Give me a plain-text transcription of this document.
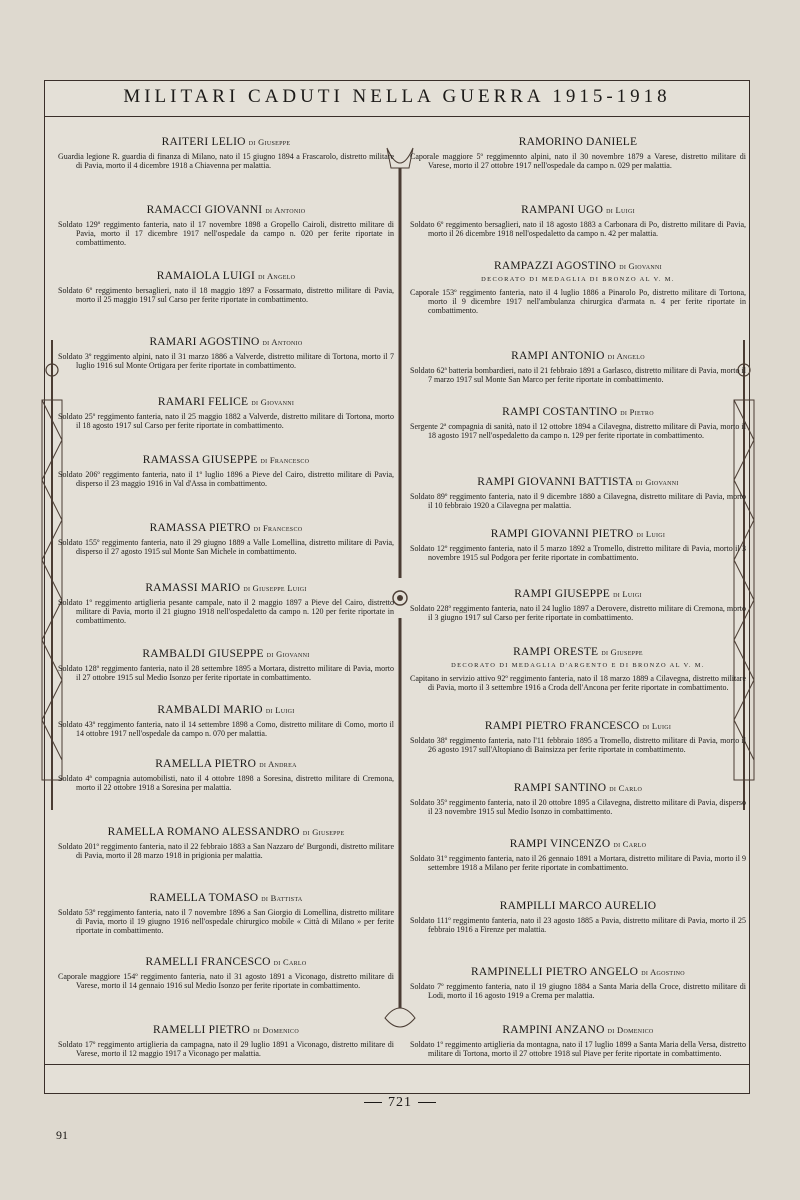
MILITARI CADUTI NELLA GUERRA 1915-1918
RAITERI LELIO di Giuseppe

Guardia legione R. guardia di finanza di Milano, nato il 15 giugno 1894 a Frascarolo, distretto militare di Pavia, morto il 4 dicembre 1918 a Chiavenna per malattia.

RAMACCI GIOVANNI di Antonio

Soldato 129º reggimento fanteria, nato il 17 novembre 1898 a Gropello Cairoli, distretto militare di Pavia, morto il 17 dicembre 1917 nell'ospedale da campo n. 020 per ferite riportate in combattimento.

RAMAIOLA LUIGI di Angelo

Soldato 6º reggimento bersaglieri, nato il 18 maggio 1897 a Fossarmato, distretto militare di Pavia, morto il 25 maggio 1917 sul Carso per ferite riportate in combattimento.

RAMARI AGOSTINO di Antonio

Soldato 3º reggimento alpini, nato il 31 marzo 1886 a Valverde, distretto militare di Tortona, morto il 7 luglio 1916 sul Monte Ortigara per ferite riportate in combattimento.

RAMARI FELICE di Giovanni

Soldato 25º reggimento fanteria, nato il 25 maggio 1882 a Valverde, distretto militare di Tortona, morto il 18 agosto 1917 sul Carso per ferite riportate in combattimento.

RAMASSA GIUSEPPE di Francesco

Soldato 206º reggimento fanteria, nato il 1º luglio 1896 a Pieve del Cairo, distretto militare di Pavia, disperso il 23 maggio 1916 in Val d'Assa in combattimento.

RAMASSA PIETRO di Francesco

Soldato 155º reggimento fanteria, nato il 29 giugno 1889 a Valle Lomellina, distretto militare di Pavia, disperso il 27 agosto 1915 sul Monte San Michele in combattimento.

RAMASSI MARIO di Giuseppe Luigi

Soldato 1º reggimento artiglieria pesante campale, nato il 2 maggio 1897 a Pieve del Cairo, distretto militare di Pavia, morto il 21 giugno 1918 nell'ospedaletto da campo n. 120 per ferite riportate in combattimento.

RAMBALDI GIUSEPPE di Giovanni

Soldato 128º reggimento fanteria, nato il 28 settembre 1895 a Mortara, distretto militare di Pavia, morto il 27 ottobre 1915 sul Medio Isonzo per ferite riportate in combattimento.

RAMBALDI MARIO di Luigi

Soldato 43º reggimento fanteria, nato il 14 settembre 1898 a Como, distretto militare di Como, morto il 14 ottobre 1917 nell'ospedale da campo n. 070 per malattia.

RAMELLA PIETRO di Andrea

Soldato 4ª compagnia automobilisti, nato il 4 ottobre 1898 a Soresina, distretto militare di Cremona, morto il 22 ottobre 1918 a Soresina per malattia.

RAMELLA ROMANO ALESSANDRO di Giuseppe

Soldato 201º reggimento fanteria, nato il 22 febbraio 1883 a San Nazzaro de' Burgondi, distretto militare di Pavia, morto il 28 marzo 1918 in prigionia per malattia.

RAMELLA TOMASO di Battista

Soldato 53º reggimento fanteria, nato il 7 novembre 1896 a San Giorgio di Lomellina, distretto militare di Pavia, morto il 19 giugno 1916 nell'ospedale chirurgico mobile « Città di Milano » per ferite riportate in combattimento.

RAMELLI FRANCESCO di Carlo

Caporale maggiore 154º reggimento fanteria, nato il 31 agosto 1891 a Viconago, distretto militare di Varese, morto il 14 gennaio 1916 sul Medio Isonzo per ferite riportate in combattimento.

RAMELLI PIETRO di Domenico

Soldato 17º reggimento artiglieria da campagna, nato il 29 luglio 1891 a Viconago, distretto militare di Varese, morto il 12 maggio 1917 a Viconago per malattia.

RAMORINO DANIELE

Caporale maggiore 5º reggimennto alpini, nato il 30 novembre 1879 a Varese, distretto militare di Varese, morto il 27 ottobre 1917 nell'ospedale da campo n. 029 per malattia.

RAMPANI UGO di Luigi

Soldato 6º reggimento bersaglieri, nato il 18 agosto 1883 a Carbonara di Po, distretto militare di Pavia, morto il 26 dicembre 1918 nell'ospedaletto da campo n. 42 per malattia.

RAMPAZZI AGOSTINO di Giovanni
DECORATO DI MEDAGLIA DI BRONZO AL V. M.

Caporale 153º reggimento fanteria, nato il 4 luglio 1886 a Pinarolo Po, distretto militare di Tortona, morto il 9 dicembre 1917 nell'ambulanza chirurgica d'armata n. 4 per ferite riportate in combattimento.

RAMPI ANTONIO di Angelo

Soldato 62ª batteria bombardieri, nato il 21 febbraio 1891 a Garlasco, distretto militare di Pavia, morto il 7 marzo 1917 sul Monte San Marco per ferite riportate in combattimento.

RAMPI COSTANTINO di Pietro

Sergente 2ª compagnia di sanità, nato il 12 ottobre 1894 a Cilavegna, distretto militare di Pavia, morto il 18 agosto 1917 nell'ospedaletto da campo n. 129 per ferite riportate in combattimento.

RAMPI GIOVANNI BATTISTA di Giovanni

Soldato 89º reggimento fanteria, nato il 9 dicembre 1880 a Cilavegna, distretto militare di Pavia, morto il 10 febbraio 1920 a Cilavegna per malattia.

RAMPI GIOVANNI PIETRO di Luigi

Soldato 12º reggimento fanteria, nato il 5 marzo 1892 a Tromello, distretto militare di Pavia, morto il 3 novembre 1915 sul Podgora per ferite riportate in combattimento.

RAMPI GIUSEPPE di Luigi

Soldato 228º reggimento fanteria, nato il 24 luglio 1897 a Derovere, distretto militare di Cremona, morto il 3 giugno 1917 sul Carso per ferite riportate in combattimento.

RAMPI ORESTE di Giuseppe
DECORATO DI MEDAGLIA D'ARGENTO E DI BRONZO AL V. M.

Capitano in servizio attivo 92º reggimento fanteria, nato il 18 marzo 1889 a Cilavegna, distretto militare di Pavia, morto il 3 settembre 1916 a Croda dell'Ancona per ferite riportate in combattimento.

RAMPI PIETRO FRANCESCO di Luigi

Soldato 38º reggimento fanteria, nato l'11 febbraio 1895 a Tromello, distretto militare di Pavia, morto il 26 agosto 1917 sull'Altopiano di Bainsizza per ferite riportate in combattimento.

RAMPI SANTINO di Carlo

Soldato 35º reggimento fanteria, nato il 20 ottobre 1895 a Cilavegna, distretto militare di Pavia, disperso il 23 novembre 1915 sul Medio Isonzo in combattimento.

RAMPI VINCENZO di Carlo

Soldato 31º reggimento fanteria, nato il 26 gennaio 1891 a Mortara, distretto militare di Pavia, morto il 9 settembre 1918 a Milano per ferite riportate in combattimento.

RAMPILLI MARCO AURELIO

Soldato 111º reggimento fanteria, nato il 23 agosto 1885 a Pavia, distretto militare di Pavia, morto il 25 febbraio 1916 a Firenze per malattia.

RAMPINELLI PIETRO ANGELO di Agostino

Soldato 7º reggimento fanteria, nato il 19 giugno 1884 a Santa Maria della Croce, distretto militare di Lodi, morto il 16 agosto 1919 a Crema per malattia.

RAMPINI ANZANO di Domenico

Soldato 1º reggimento artiglieria da montagna, nato il 17 luglio 1899 a Santa Maria della Versa, distretto militare di Tortona, morto il 27 ottobre 1918 sul Piave per ferite riportate in combattimento.

721
91
